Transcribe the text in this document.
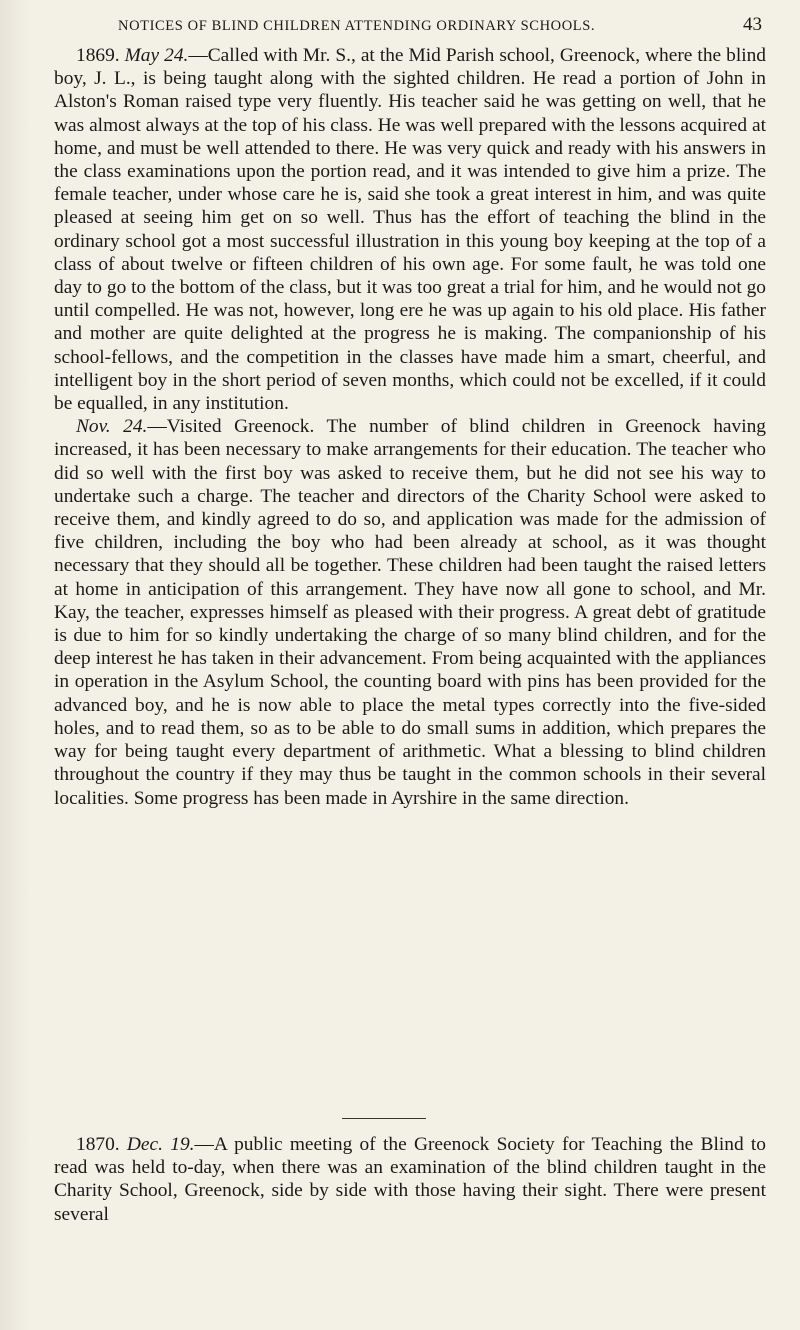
NOTICES OF BLIND CHILDREN ATTENDING ORDINARY SCHOOLS.	43

1869. May 24.—Called with Mr. S., at the Mid Parish school, Greenock, where the blind boy, J. L., is being taught along with the sighted children. He read a portion of John in Alston's Roman raised type very fluently. His teacher said he was getting on well, that he was almost always at the top of his class. He was well prepared with the lessons acquired at home, and must be well attended to there. He was very quick and ready with his answers in the class examinations upon the portion read, and it was intended to give him a prize. The female teacher, under whose care he is, said she took a great interest in him, and was quite pleased at seeing him get on so well. Thus has the effort of teaching the blind in the ordinary school got a most successful illustration in this young boy keeping at the top of a class of about twelve or fifteen children of his own age. For some fault, he was told one day to go to the bottom of the class, but it was too great a trial for him, and he would not go until compelled. He was not, however, long ere he was up again to his old place. His father and mother are quite delighted at the progress he is making. The companionship of his school-fellows, and the competition in the classes have made him a smart, cheerful, and intelligent boy in the short period of seven months, which could not be excelled, if it could be equalled, in any institution.

Nov. 24.—Visited Greenock. The number of blind children in Greenock having increased, it has been necessary to make arrangements for their education. The teacher who did so well with the first boy was asked to receive them, but he did not see his way to undertake such a charge. The teacher and directors of the Charity School were asked to receive them, and kindly agreed to do so, and application was made for the admission of five children, including the boy who had been already at school, as it was thought necessary that they should all be together. These children had been taught the raised letters at home in anticipation of this arrangement. They have now all gone to school, and Mr. Kay, the teacher, expresses himself as pleased with their progress. A great debt of gratitude is due to him for so kindly undertaking the charge of so many blind children, and for the deep interest he has taken in their advancement. From being acquainted with the appliances in operation in the Asylum School, the counting board with pins has been provided for the advanced boy, and he is now able to place the metal types correctly into the five-sided holes, and to read them, so as to be able to do small sums in addition, which prepares the way for being taught every department of arithmetic. What a blessing to blind children throughout the country if they may thus be taught in the common schools in their several localities. Some progress has been made in Ayrshire in the same direction.

1870. Dec. 19.—A public meeting of the Greenock Society for Teaching the Blind to read was held to-day, when there was an examination of the blind children taught in the Charity School, Greenock, side by side with those having their sight. There were present several
